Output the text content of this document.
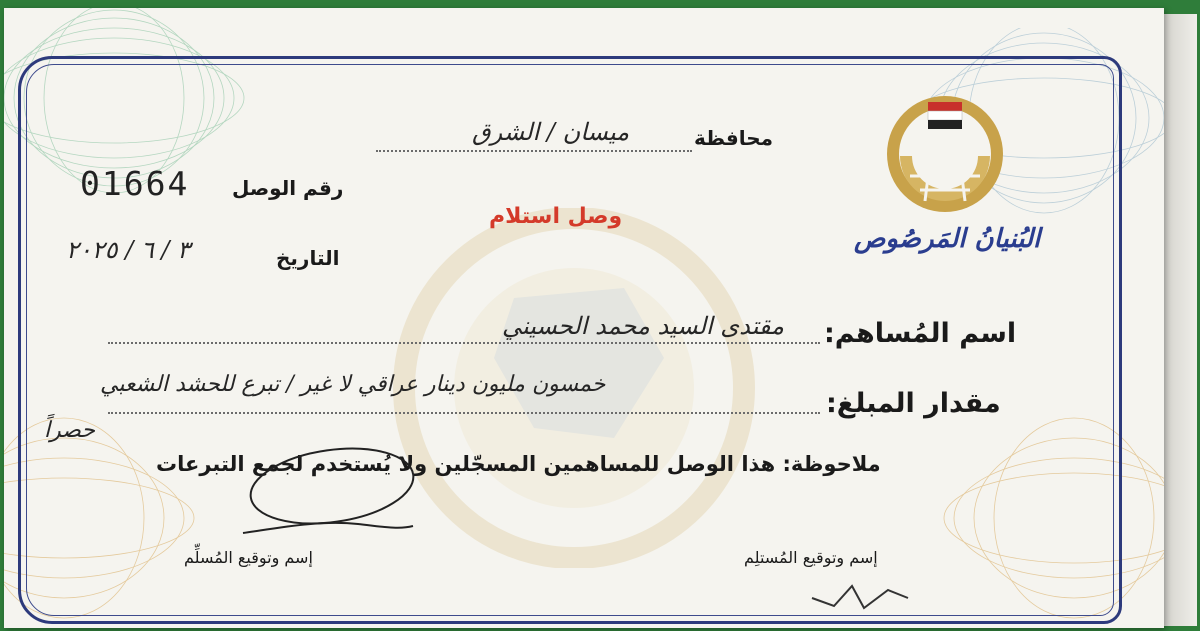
البُنيانُ المَرصُوص
محافظة
ميسان / الشرق
رقم الوصل
01664
وصل استلام
التاريخ
٣ / ٦ / ٢٠٢٥
اسم المُساهم:
مقتدى السيد محمد الحسيني
مقدار المبلغ:
خمسون مليون دينار عراقي لا غير / تبرع للحشد الشعبي
حصراً
ملاحوظة: هذا الوصل للمساهمين المسجّلين ولا يُستخدم لجمع التبرعات
إسم وتوقيع المُسلِّم	إسم وتوقيع المُستلِم
